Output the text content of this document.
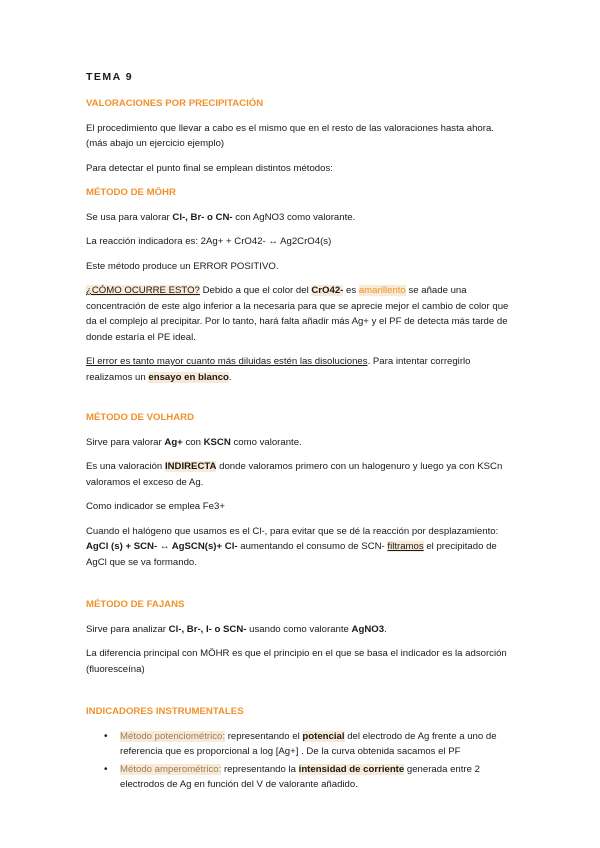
TEMA 9
VALORACIONES POR PRECIPITACIÓN

El procedimiento que llevar a cabo es el mismo que en el resto de las valoraciones hasta ahora. (más abajo un ejercicio ejemplo)

Para detectar el punto final se emplean distintos métodos:

MÉTODO DE MÖHR

Se usa para valorar Cl-, Br- o CN- con AgNO3 como valorante.

La reacción indicadora es: 2Ag+ + CrO42- ↔ Ag2CrO4(s)

Este método produce un ERROR POSITIVO.

¿CÓMO OCURRE ESTO? Debido a que el color del CrO42- es amarillento se añade una concentración de este algo inferior a la necesaria para que se aprecie mejor el cambio de color que da el complejo al precipitar. Por lo tanto, hará falta añadir más Ag+ y el PF de detecta más tarde de donde estaría el PE ideal.

El error es tanto mayor cuanto más diluidas estén las disoluciones. Para intentar corregirlo realizamos un ensayo en blanco.

MÉTODO DE VOLHARD

Sirve para valorar Ag+ con KSCN como valorante.

Es una valoración INDIRECTA donde valoramos primero con un halogenuro y luego ya con KSCn valoramos el exceso de Ag.

Como indicador se emplea Fe3+

Cuando el halógeno que usamos es el Cl-, para evitar que se dé la reacción por desplazamiento: AgCl (s) + SCN- ↔ AgSCN(s)+ Cl- aumentando el consumo de SCN- filtramos el precipitado de AgCl que se va formando.

MÉTODO DE FAJANS

Sirve para analizar Cl-, Br-, I- o SCN- usando como valorante AgNO3.

La diferencia principal con MÖHR es que el principio en el que se basa el indicador es la adsorción (fluoresceína)

INDICADORES INSTRUMENTALES
• Método potenciométrico: representando el potencial del electrodo de Ag frente a uno de referencia que es proporcional a log [Ag+] . De la curva obtenida sacamos el PF
• Método amperométrico: representando la intensidad de corriente generada entre 2 electrodos de Ag en función del V de valorante añadido.
